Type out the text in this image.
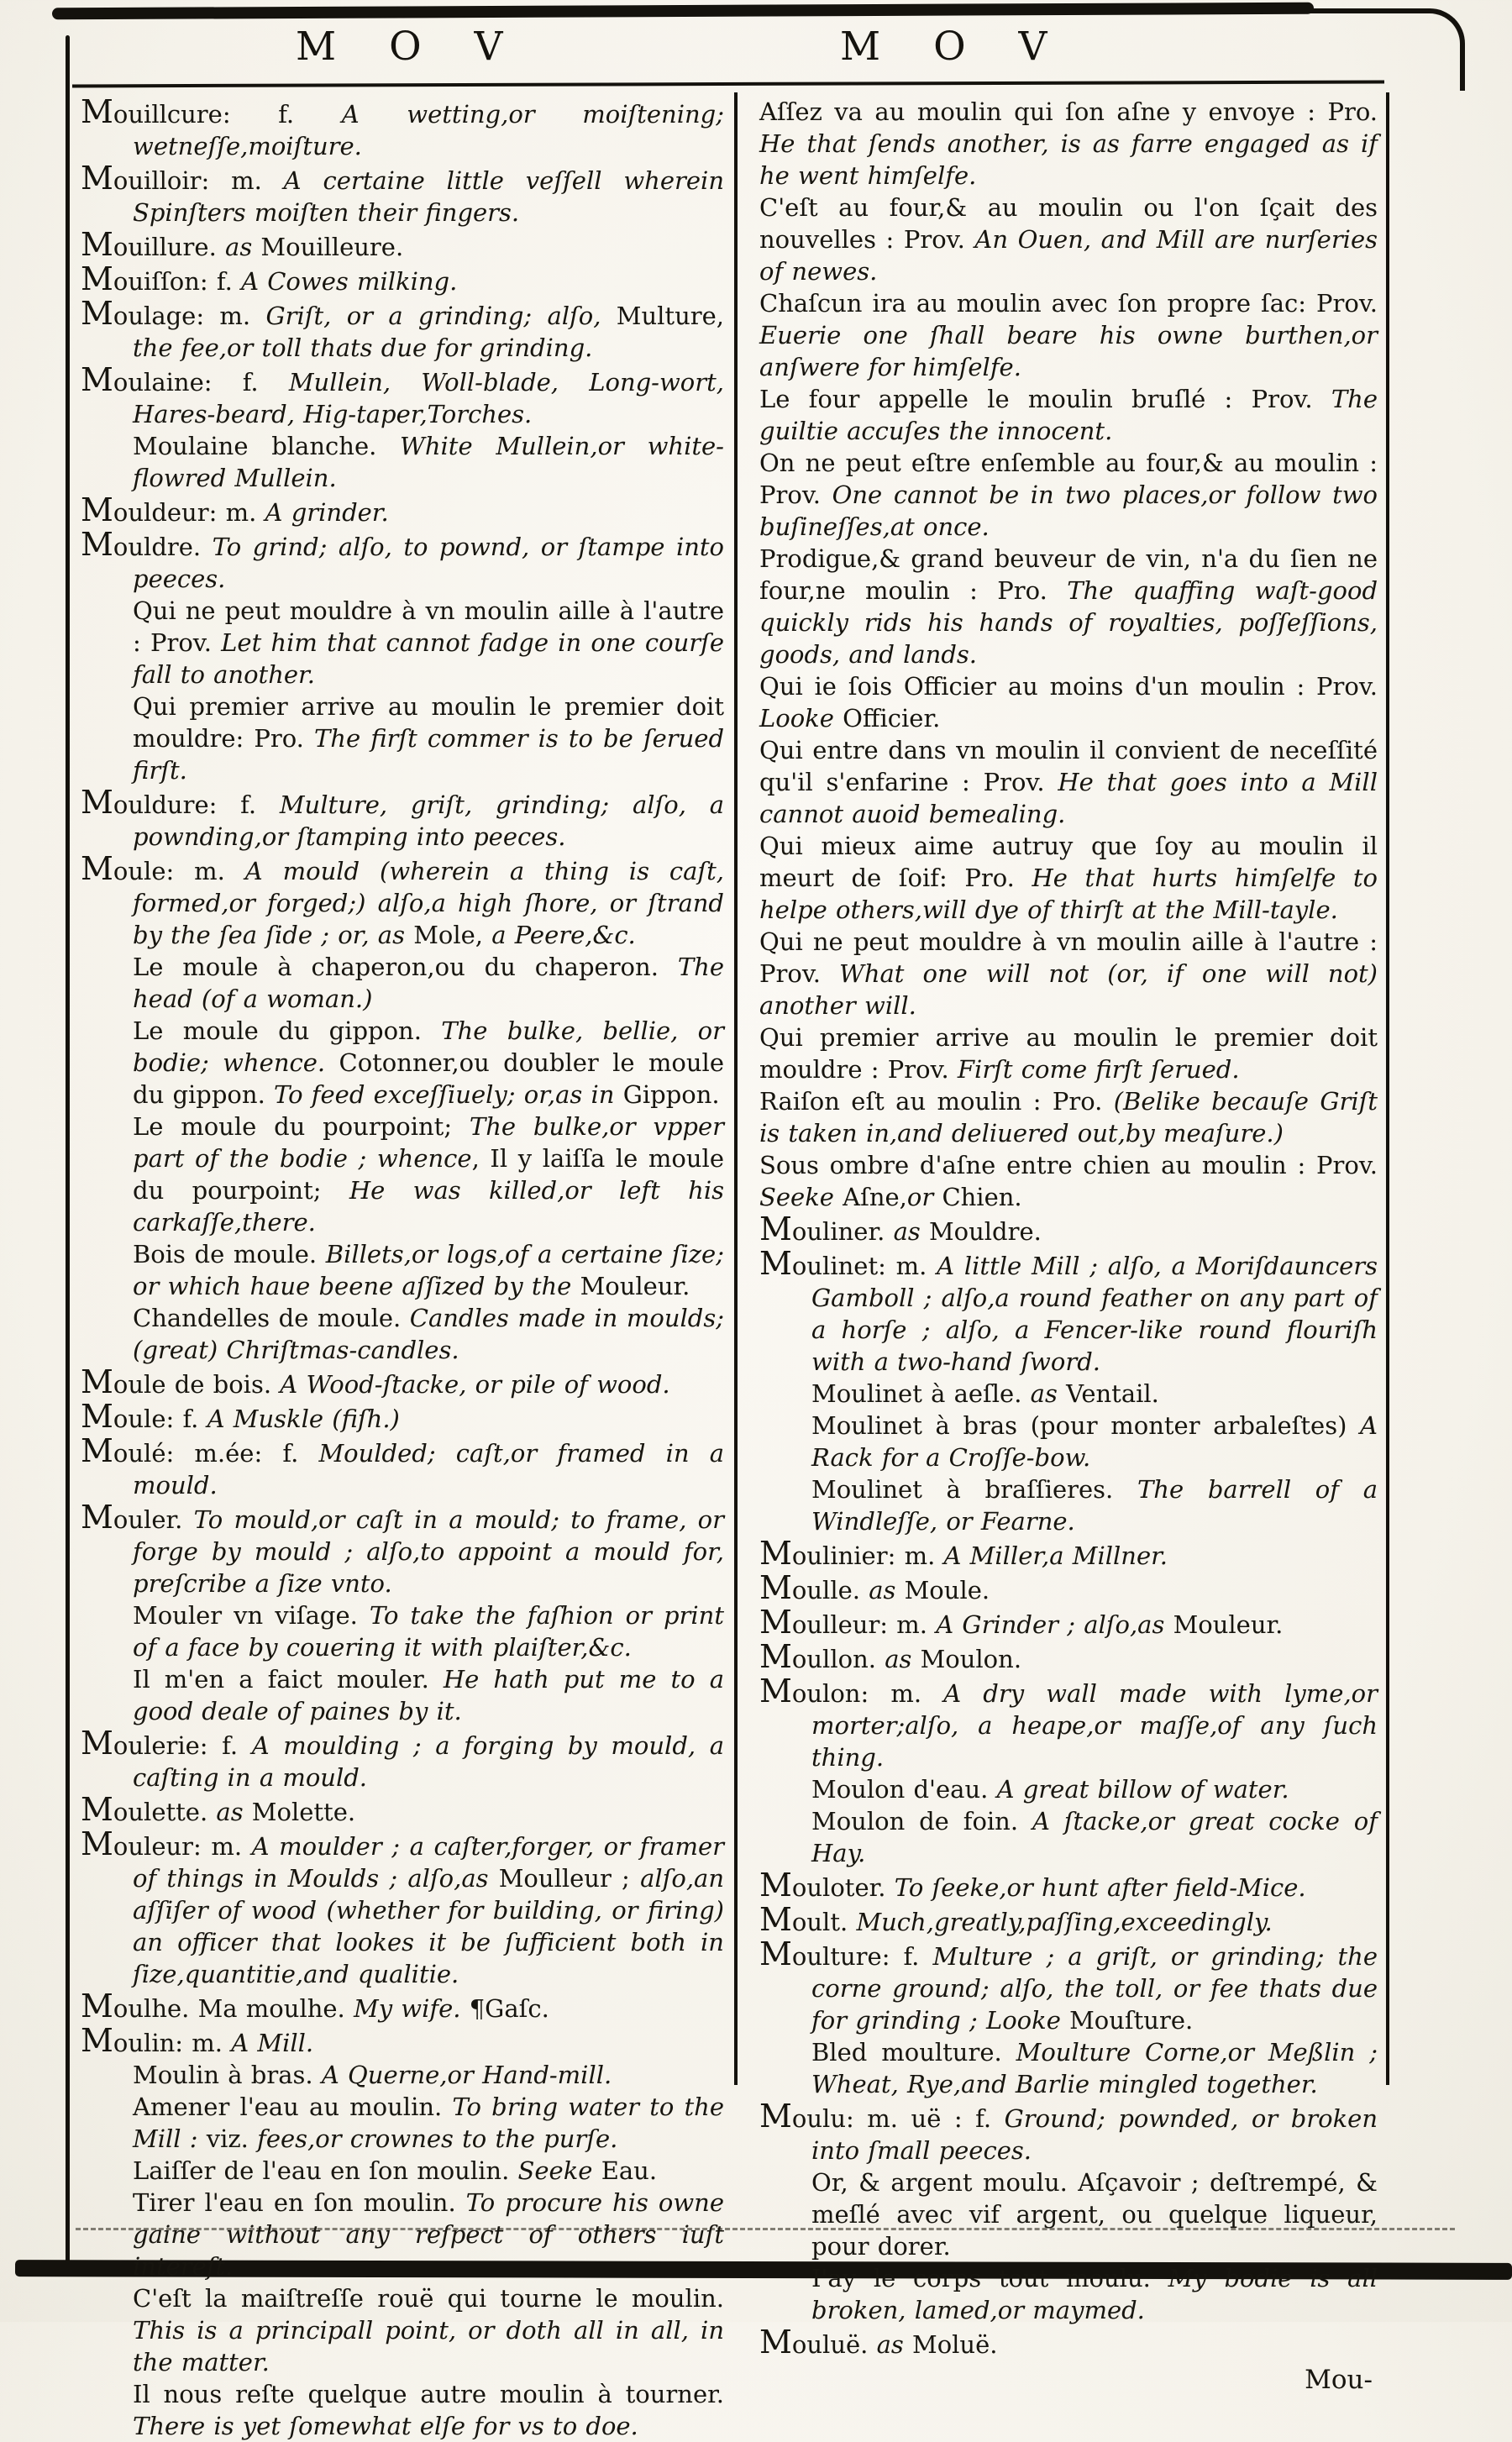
M O V	M O V

Mouillcure: f. A wetting,or moiſtening; wetneſſe,moiſture.

Mouilloir: m. A certaine little veſſell wherein Spinſters moiſten their fingers.

Mouillure. as Mouilleure.

Mouiſſon: f. A Cowes milking.

Moulage: m. Griſt, or a grinding; alſo, Multure, the fee,or toll thats due for grinding.

Moulaine: f. Mullein, Woll-blade, Long-wort, Hares-beard, Hig-taper,Torches.

Moulaine blanche. White Mullein,or white-flowred Mullein.

Mouldeur: m. A grinder.

Mouldre. To grind; alſo, to pownd, or ſtampe into peeces.

Qui ne peut mouldre à vn moulin aille à l'autre : Prov. Let him that cannot fadge in one courſe fall to another.

Qui premier arrive au moulin le premier doit mouldre: Pro. The firſt commer is to be ſerued firſt.

Mouldure: f. Multure, griſt, grinding; alſo, a pownding,or ſtamping into peeces.

Moule: m. A mould (wherein a thing is caſt, formed,or forged;) alſo,a high ſhore, or ſtrand by the ſea ſide ; or, as Mole, a Peere,&c.

Le moule à chaperon,ou du chaperon. The head (of a woman.)

Le moule du gippon. The bulke, bellie, or bodie; whence. Cotonner,ou doubler le moule du gippon. To feed exceſſiuely; or,as in Gippon.

Le moule du pourpoint; The bulke,or vpper part of the bodie ; whence, Il y laiſſa le moule du pourpoint; He was killed,or left his carkaſſe,there.

Bois de moule. Billets,or logs,of a certaine ſize; or which haue beene aſſized by the Mouleur.

Chandelles de moule. Candles made in moulds; (great) Chriſtmas-candles.

Moule de bois. A Wood-ſtacke, or pile of wood.

Moule: f. A Muskle (fiſh.)

Moulé: m.ée: f. Moulded; caſt,or framed in a mould.

Mouler. To mould,or caſt in a mould; to frame, or forge by mould ; alſo,to appoint a mould for, preſcribe a ſize vnto.

Mouler vn viſage. To take the faſhion or print of a face by couering it with plaiſter,&c.

Il m'en a faict mouler. He hath put me to a good deale of paines by it.

Moulerie: f. A moulding ; a forging by mould, a caſting in a mould.

Moulette. as Molette.

Mouleur: m. A moulder ; a caſter,forger, or framer of things in Moulds ; alſo,as Moulleur ; alſo,an aſſiſer of wood (whether for building, or firing) an officer that lookes it be ſufficient both in ſize,quantitie,and qualitie.

Moulhe. Ma moulhe. My wife. ¶Gaſc.

Moulin: m. A Mill.

Moulin à bras. A Querne,or Hand-mill.

Amener l'eau au moulin. To bring water to the Mill : viz. fees,or crownes to the purſe.

Laiſſer de l'eau en ſon moulin. Seeke Eau.

Tirer l'eau en ſon moulin. To procure his owne gaine without any reſpect of others iuſt intereſt.

C'eſt la maiſtreſſe rouë qui tourne le moulin. This is a principall point, or doth all in all, in the matter.

Il nous reſte quelque autre moulin à tourner. There is yet ſomewhat elſe for vs to doe.

Aſſez va au moulin qui ſon aſne y envoye : Pro. He that ſends another, is as farre engaged as if he went himſelfe.

C'eſt au four,& au moulin ou l'on ſçait des nouvelles : Prov. An Ouen, and Mill are nurſeries of newes.

Chaſcun ira au moulin avec ſon propre ſac: Prov. Euerie one ſhall beare his owne burthen,or anſwere for himſelfe.

Le four appelle le moulin bruſlé : Prov. The guiltie accuſes the innocent.

On ne peut eſtre enſemble au four,& au moulin : Prov. One cannot be in two places,or follow two buſineſſes,at once.

Prodigue,& grand beuveur de vin, n'a du ſien ne four,ne moulin : Pro. The quaffing waſt-good quickly rids his hands of royalties, poſſeſſions, goods, and lands.

Qui ie ſois Officier au moins d'un moulin : Prov. Looke Officier.

Qui entre dans vn moulin il convient de neceſſité qu'il s'enfarine : Prov. He that goes into a Mill cannot auoid bemealing.

Qui mieux aime autruy que ſoy au moulin il meurt de ſoif: Pro. He that hurts himſelfe to helpe others,will dye of thirſt at the Mill-tayle.

Qui ne peut mouldre à vn moulin aille à l'autre : Prov. What one will not (or, if one will not) another will.

Qui premier arrive au moulin le premier doit mouldre : Prov. Firſt come firſt ſerued.

Raiſon eſt au moulin : Pro. (Belike becauſe Griſt is taken in,and deliuered out,by meaſure.)

Sous ombre d'aſne entre chien au moulin : Prov. Seeke Aſne,or Chien.

Mouliner. as Mouldre.

Moulinet: m. A little Mill ; alſo, a Moriſdauncers Gamboll ; alſo,a round feather on any part of a horſe ; alſo, a Fencer-like round flouriſh with a two-hand ſword.

Moulinet à aeſle. as Ventail.

Moulinet à bras (pour monter arbaleſtes) A Rack for a Croſſe-bow.

Moulinet à braſſieres. The barrell of a Windleſſe, or Fearne.

Moulinier: m. A Miller,a Millner.

Moulle. as Moule.

Moulleur: m. A Grinder ; alſo,as Mouleur.

Moullon. as Moulon.

Moulon: m. A dry wall made with lyme,or morter;alſo, a heape,or maſſe,of any ſuch thing.

Moulon d'eau. A great billow of water.

Moulon de foin. A ſtacke,or great cocke of Hay.

Mouloter. To ſeeke,or hunt after field-Mice.

Moult. Much,greatly,paſſing,exceedingly.

Moulture: f. Multure ; a griſt, or grinding; the corne ground; alſo, the toll, or fee thats due for grinding ; Looke Mouſture.

Bled moulture. Moulture Corne,or Meßlin ; Wheat, Rye,and Barlie mingled together.

Moulu: m. uë : f. Ground; pownded, or broken into ſmall peeces.

Or, & argent moulu. Aſçavoir ; deſtrempé, & meſlé avec vif argent, ou quelque liqueur, pour dorer.

I'ay le corps tout moulu. My bodie is all broken, lamed,or maymed.

Mouluë. as Moluë.

Mou-
